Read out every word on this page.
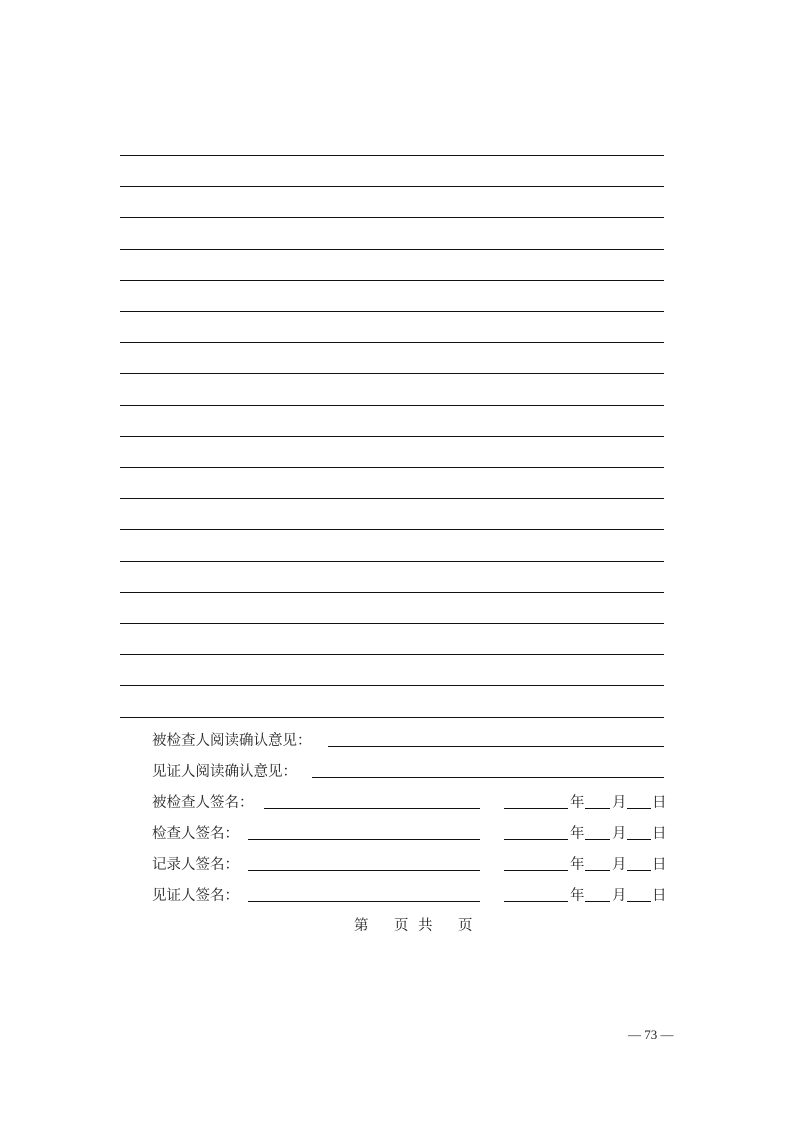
被检查人阅读确认意见：
见证人阅读确认意见：
被检查人签名：	年 月 日
检查人签名：	年 月 日
记录人签名：	年 月 日
见证人签名：	年 月 日
第 页 共 页
— 73 —
